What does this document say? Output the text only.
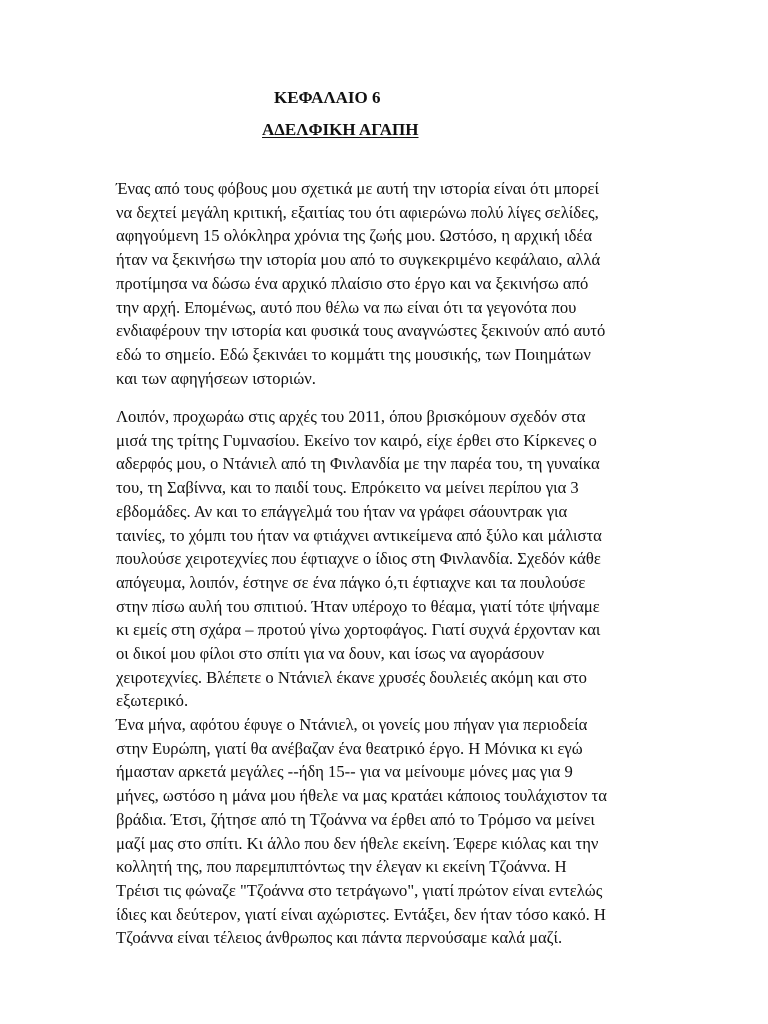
ΚΕΦΑΛΑΙΟ 6
ΑΔΕΛΦΙΚΗ ΑΓΑΠΗ

Ένας από τους φόβους μου σχετικά με αυτή την ιστορία είναι ότι μπορεί
να δεχτεί μεγάλη κριτική, εξαιτίας του ότι αφιερώνω πολύ λίγες σελίδες,
αφηγούμενη 15 ολόκληρα χρόνια της ζωής μου. Ωστόσο, η αρχική ιδέα
ήταν να ξεκινήσω την ιστορία μου από το συγκεκριμένο κεφάλαιο, αλλά
προτίμησα να δώσω ένα αρχικό πλαίσιο στο έργο και να ξεκινήσω από
την αρχή. Επομένως, αυτό που θέλω να πω είναι ότι τα γεγονότα που
ενδιαφέρουν την ιστορία και φυσικά τους αναγνώστες ξεκινούν από αυτό
εδώ το σημείο. Εδώ ξεκινάει το κομμάτι της μουσικής, των Ποιημάτων
και των αφηγήσεων ιστοριών.

Λοιπόν, προχωράω στις αρχές του 2011, όπου βρισκόμουν σχεδόν στα
μισά της τρίτης Γυμνασίου. Εκείνο τον καιρό, είχε έρθει στο Κίρκενες ο
αδερφός μου, ο Ντάνιελ από τη Φινλανδία με την παρέα του, τη γυναίκα
του, τη Σαβίννα, και το παιδί τους. Επρόκειτο να μείνει περίπου για 3
εβδομάδες. Αν και το επάγγελμά του ήταν να γράφει σάουντρακ για
ταινίες, το χόμπι του ήταν να φτιάχνει αντικείμενα από ξύλο και μάλιστα
πουλούσε χειροτεχνίες που έφτιαχνε ο ίδιος στη Φινλανδία. Σχεδόν κάθε
απόγευμα, λοιπόν, έστηνε σε ένα πάγκο ό,τι έφτιαχνε και τα πουλούσε
στην πίσω αυλή του σπιτιού. Ήταν υπέροχο το θέαμα, γιατί τότε ψήναμε
κι εμείς στη σχάρα – προτού γίνω χορτοφάγος. Γιατί συχνά έρχονταν και
οι δικοί μου φίλοι στο σπίτι για να δουν, και ίσως να αγοράσουν
χειροτεχνίες. Βλέπετε ο Ντάνιελ έκανε χρυσές δουλειές ακόμη και στο
εξωτερικό.

Ένα μήνα, αφότου έφυγε ο Ντάνιελ, οι γονείς μου πήγαν για περιοδεία
στην Ευρώπη, γιατί θα ανέβαζαν ένα θεατρικό έργο. Η Μόνικα κι εγώ
ήμασταν αρκετά μεγάλες --ήδη 15-- για να μείνουμε μόνες μας για 9
μήνες, ωστόσο η μάνα μου ήθελε να μας κρατάει κάποιος τουλάχιστον τα
βράδια. Έτσι, ζήτησε από τη Τζοάννα να έρθει από το Τρόμσο να μείνει
μαζί μας στο σπίτι. Κι άλλο που δεν ήθελε εκείνη. Έφερε κιόλας και την
κολλητή της, που παρεμπιπτόντως την έλεγαν κι εκείνη Τζοάννα. Η
Τρέισι τις φώναζε "Τζοάννα στο τετράγωνο", γιατί πρώτον είναι εντελώς
ίδιες και δεύτερον, γιατί είναι αχώριστες. Εντάξει, δεν ήταν τόσο κακό. Η
Τζοάννα είναι τέλειος άνθρωπος και πάντα περνούσαμε καλά μαζί.
